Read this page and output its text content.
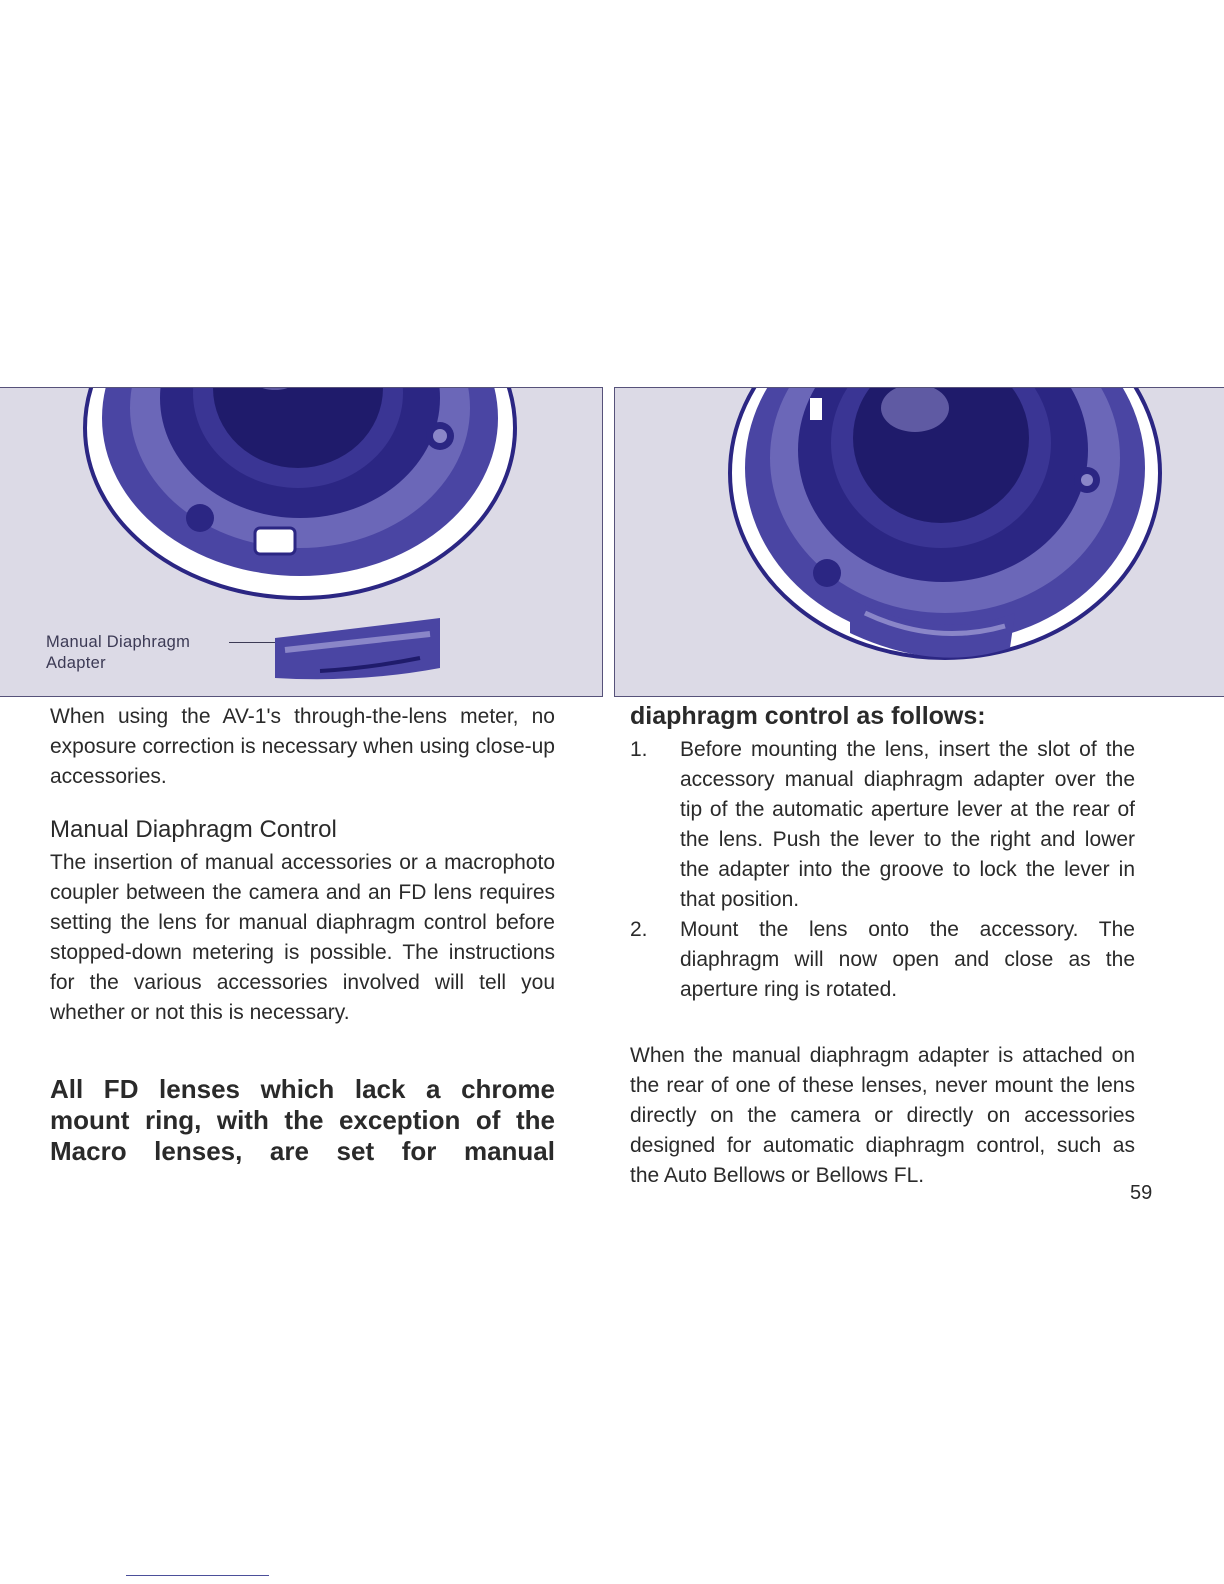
Manual Diaphragm
Adapter

When using the AV-1's through-the-lens meter, no exposure correction is necessary when using close-up accessories.

Manual Diaphragm Control

The insertion of manual accessories or a macrophoto coupler between the camera and an FD lens requires setting the lens for manual diaphragm control before stopped-down metering is possible. The instructions for the various accessories involved will tell you whether or not this is necessary.

All FD lenses which lack a chrome mount ring, with the exception of the Macro lenses, are set for manual

diaphragm control as follows:
1. Before mounting the lens, insert the slot of the accessory manual diaphragm adapter over the tip of the automatic aperture lever at the rear of the lens. Push the lever to the right and lower the adapter into the groove to lock the lever in that position.
2. Mount the lens onto the accessory. The diaphragm will now open and close as the aperture ring is rotated.

When the manual diaphragm adapter is attached on the rear of one of these lenses, never mount the lens directly on the camera or directly on accessories designed for automatic diaphragm control, such as the Auto Bellows or Bellows FL.

59
